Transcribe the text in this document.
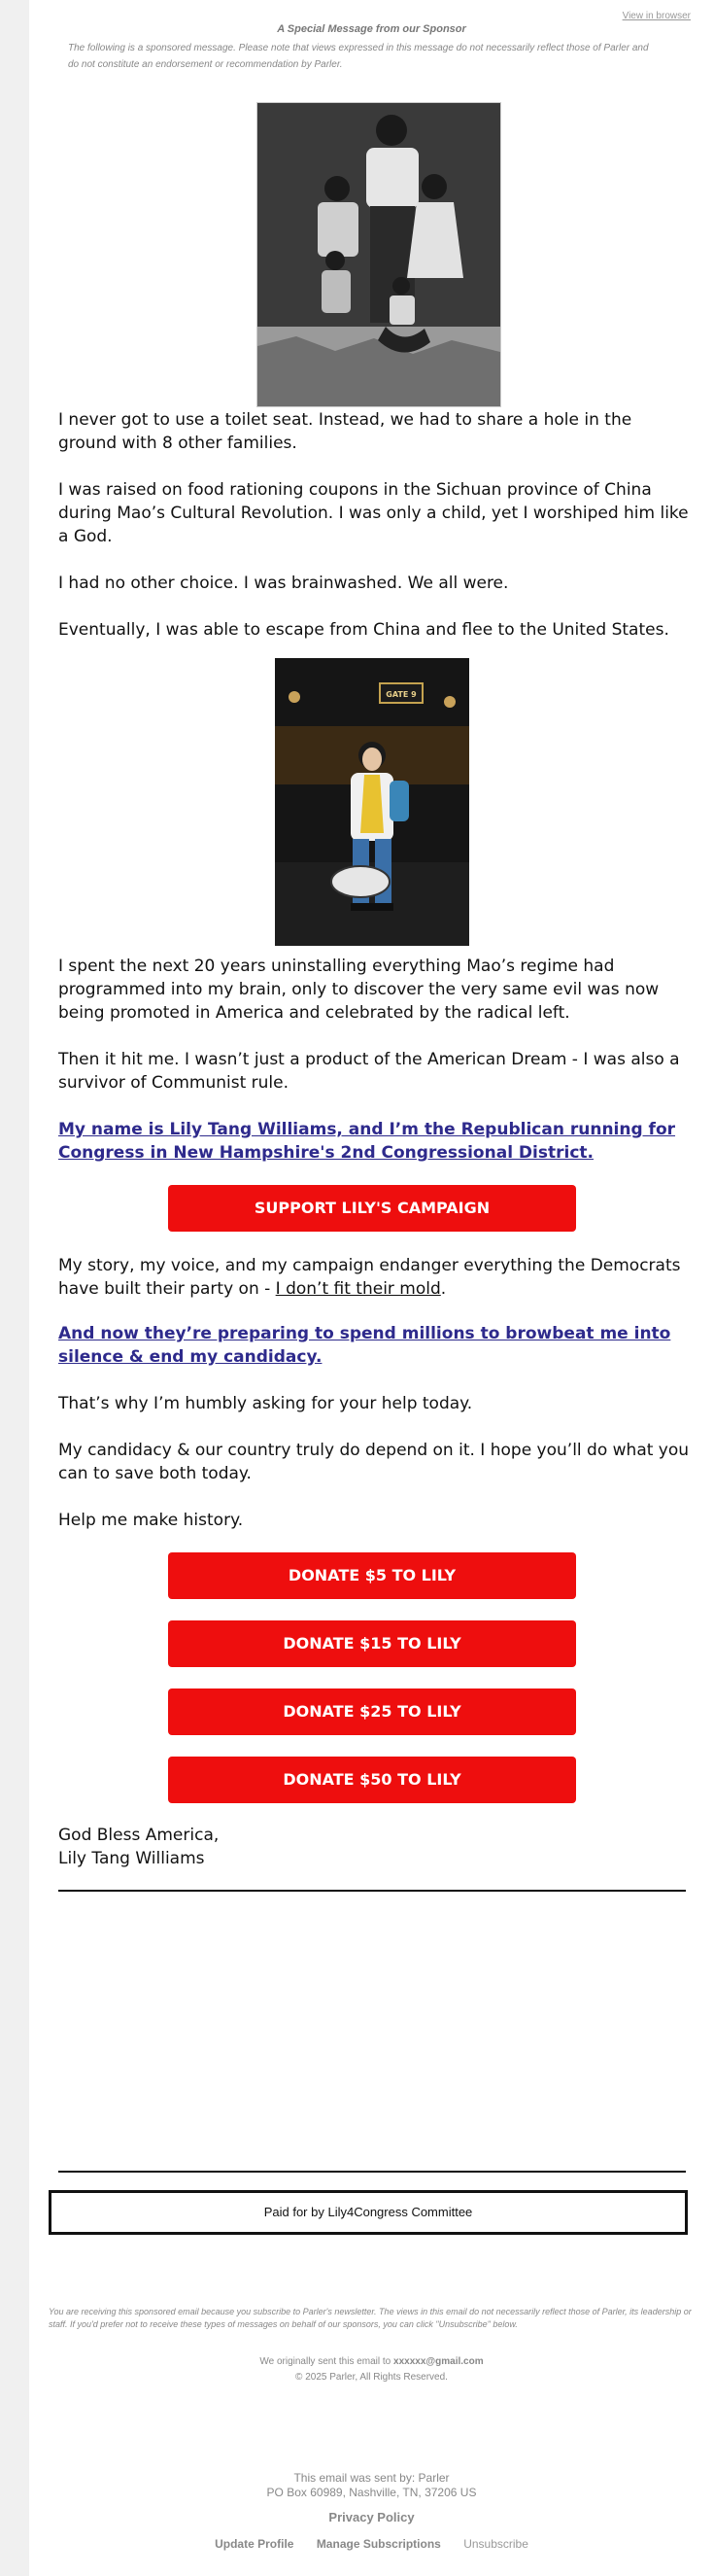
View in browser
A Special Message from our Sponsor
The following is a sponsored message. Please note that views expressed in this message do not necessarily reflect those of Parler and do not constitute an endorsement or recommendation by Parler.

I never got to use a toilet seat. Instead, we had to share a hole in the ground with 8 other families.

I was raised on food rationing coupons in the Sichuan province of China during Mao’s Cultural Revolution. I was only a child, yet I worshiped him like a God.

I had no other choice. I was brainwashed. We all were.

Eventually, I was able to escape from China and flee to the United States.

GATE 9

I spent the next 20 years uninstalling everything Mao’s regime had programmed into my brain, only to discover the very same evil was now being promoted in America and celebrated by the radical left.

Then it hit me. I wasn’t just a product of the American Dream - I was also a survivor of Communist rule.

My name is Lily Tang Williams, and I’m the Republican running for Congress in New Hampshire's 2nd Congressional District.
SUPPORT LILY'S CAMPAIGN

My story, my voice, and my campaign endanger everything the Democrats have built their party on - I don’t fit their mold.

And now they’re preparing to spend millions to browbeat me into silence & end my candidacy.

That’s why I’m humbly asking for your help today.

My candidacy & our country truly do depend on it. I hope you’ll do what you can to save both today.

Help me make history.

DONATE $5 TO LILY
DONATE $15 TO LILY
DONATE $25 TO LILY
DONATE $50 TO LILY

God Bless America,

Lily Tang Williams

Paid for by Lily4Congress Committee
You are receiving this sponsored email because you subscribe to Parler's newsletter. The views in this email do not necessarily reflect those of Parler, its leadership or staff. If you'd prefer not to receive these types of messages on behalf of our sponsors, you can click "Unsubscribe" below.
We originally sent this email to xxxxxx@gmail.com
© 2025 Parler, All Rights Reserved.
This email was sent by: Parler
PO Box 60989, Nashville, TN, 37206 US
Privacy Policy
Update Profile Manage Subscriptions Unsubscribe
